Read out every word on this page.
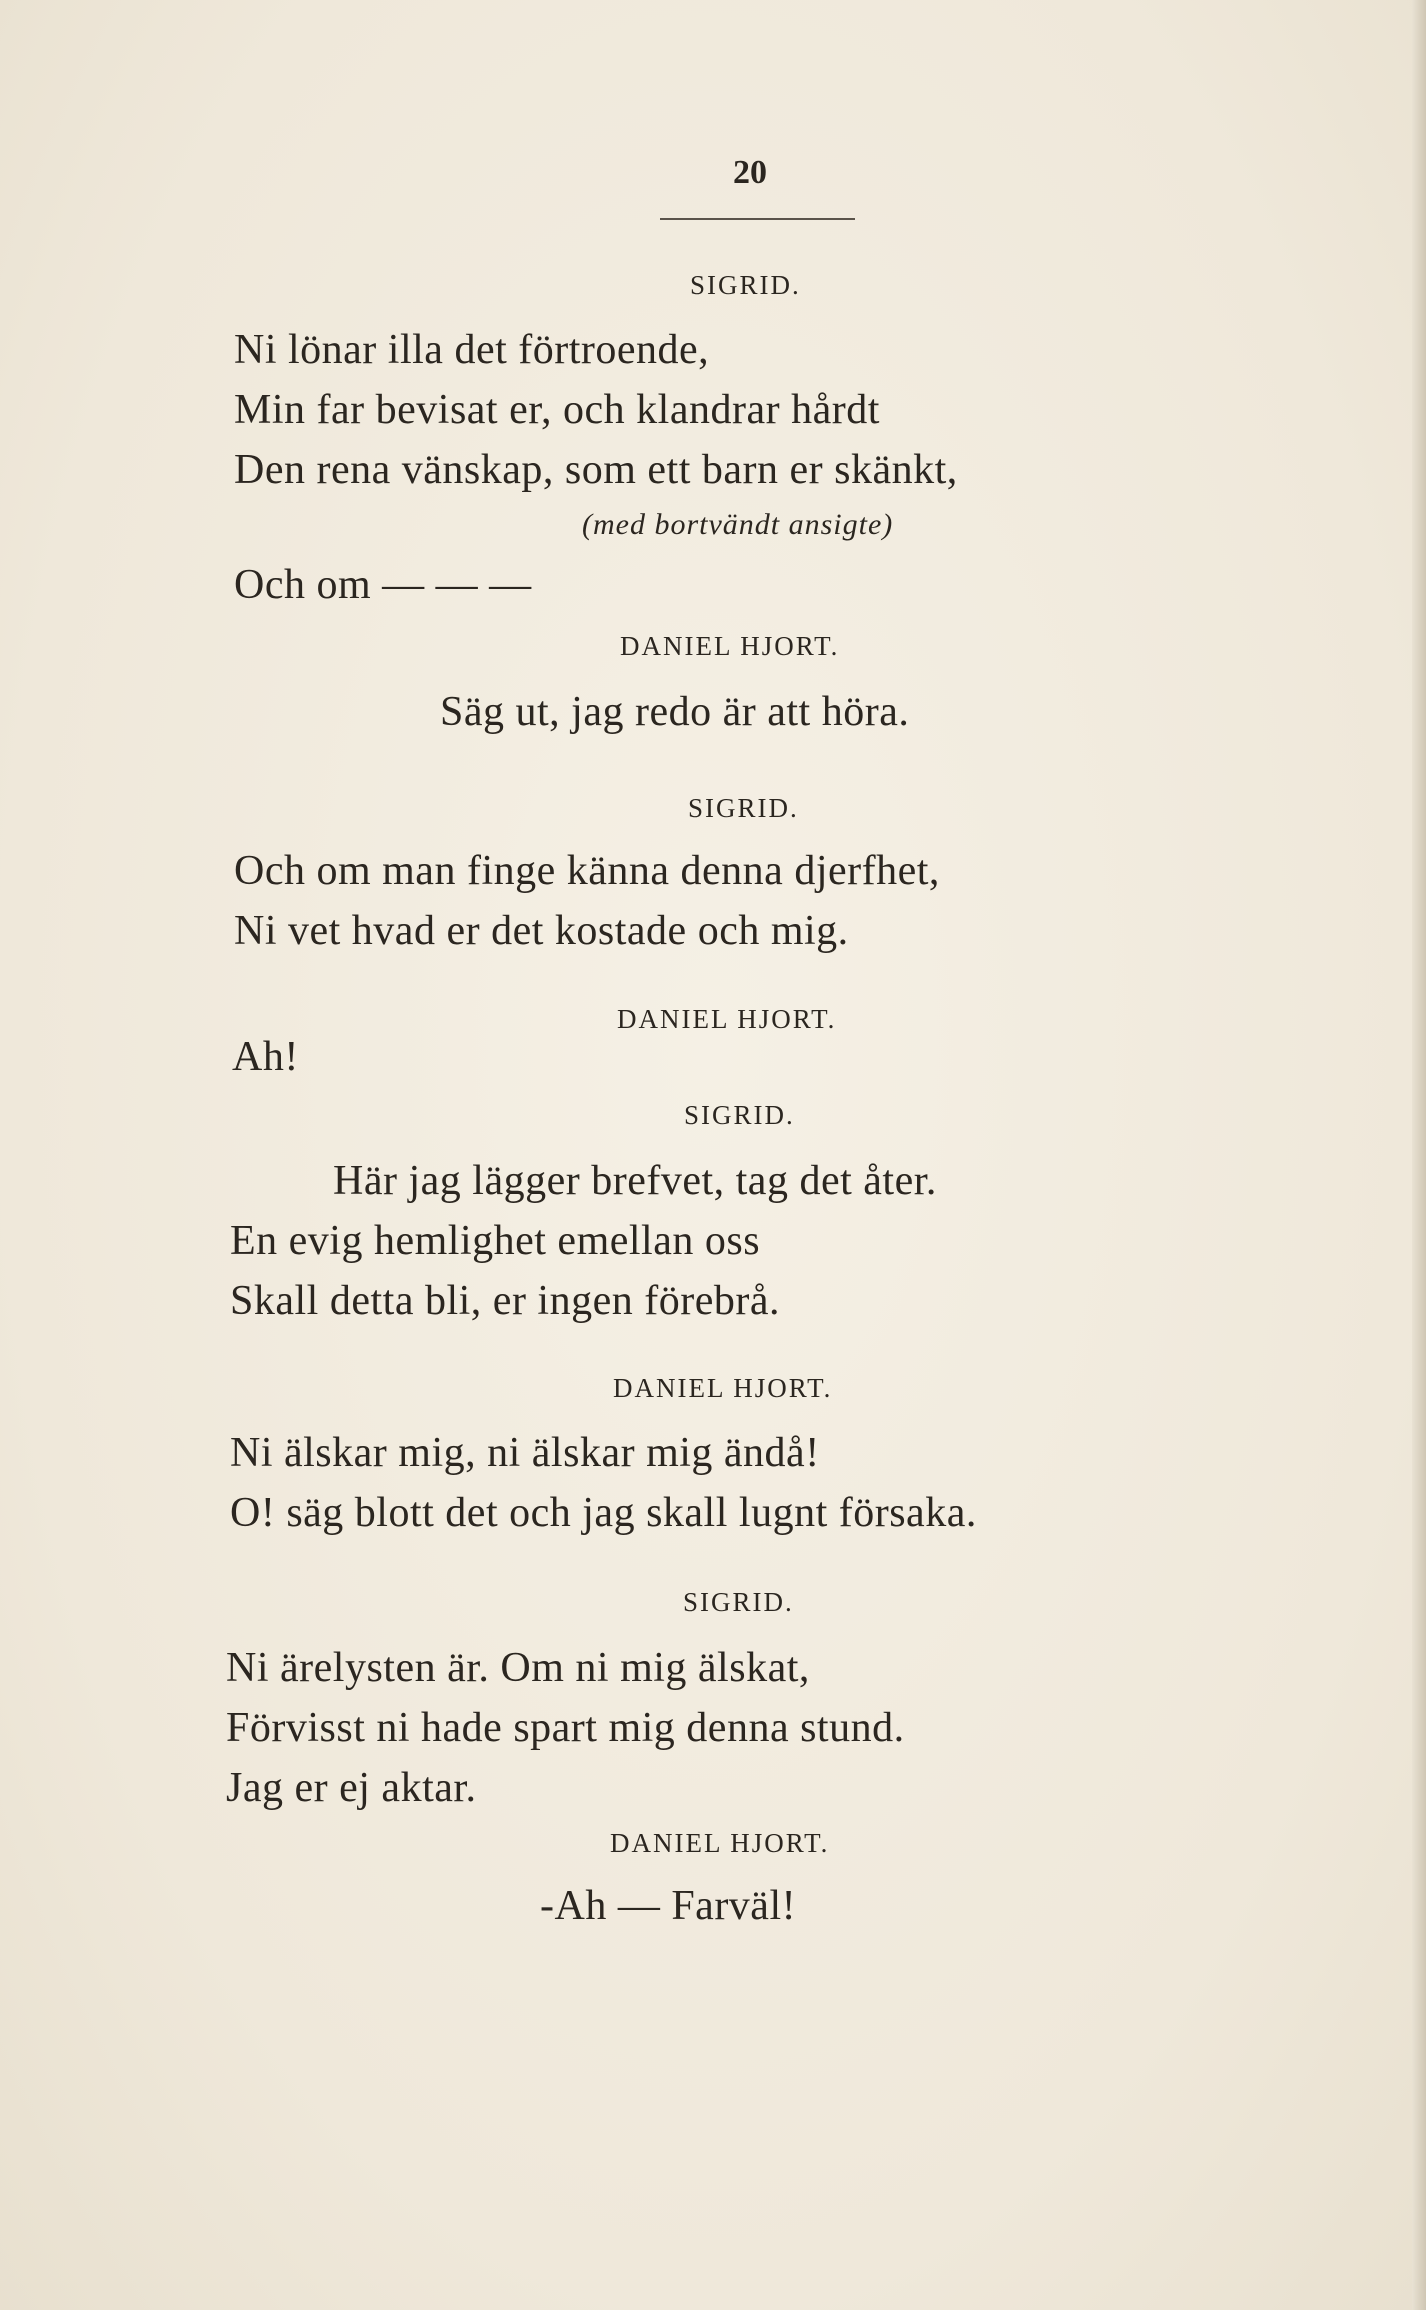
20
SIGRID.
Ni lönar illa det förtroende,
Min far bevisat er, och klandrar hårdt
Den rena vänskap, som ett barn er skänkt,
(med bortvändt ansigte)
Och om — — —
DANIEL HJORT.
Säg ut, jag redo är att höra.
SIGRID.
Och om man finge känna denna djerfhet,
Ni vet hvad er det kostade och mig.
DANIEL HJORT.
Ah!
SIGRID.
Här jag lägger brefvet, tag det åter.
En evig hemlighet emellan oss
Skall detta bli, er ingen förebrå.
DANIEL HJORT.
Ni älskar mig, ni älskar mig ändå!
O! säg blott det och jag skall lugnt försaka.
SIGRID.
Ni ärelysten är. Om ni mig älskat,
Förvisst ni hade spart mig denna stund.
Jag er ej aktar.
DANIEL HJORT.
-Ah — Farväl!
